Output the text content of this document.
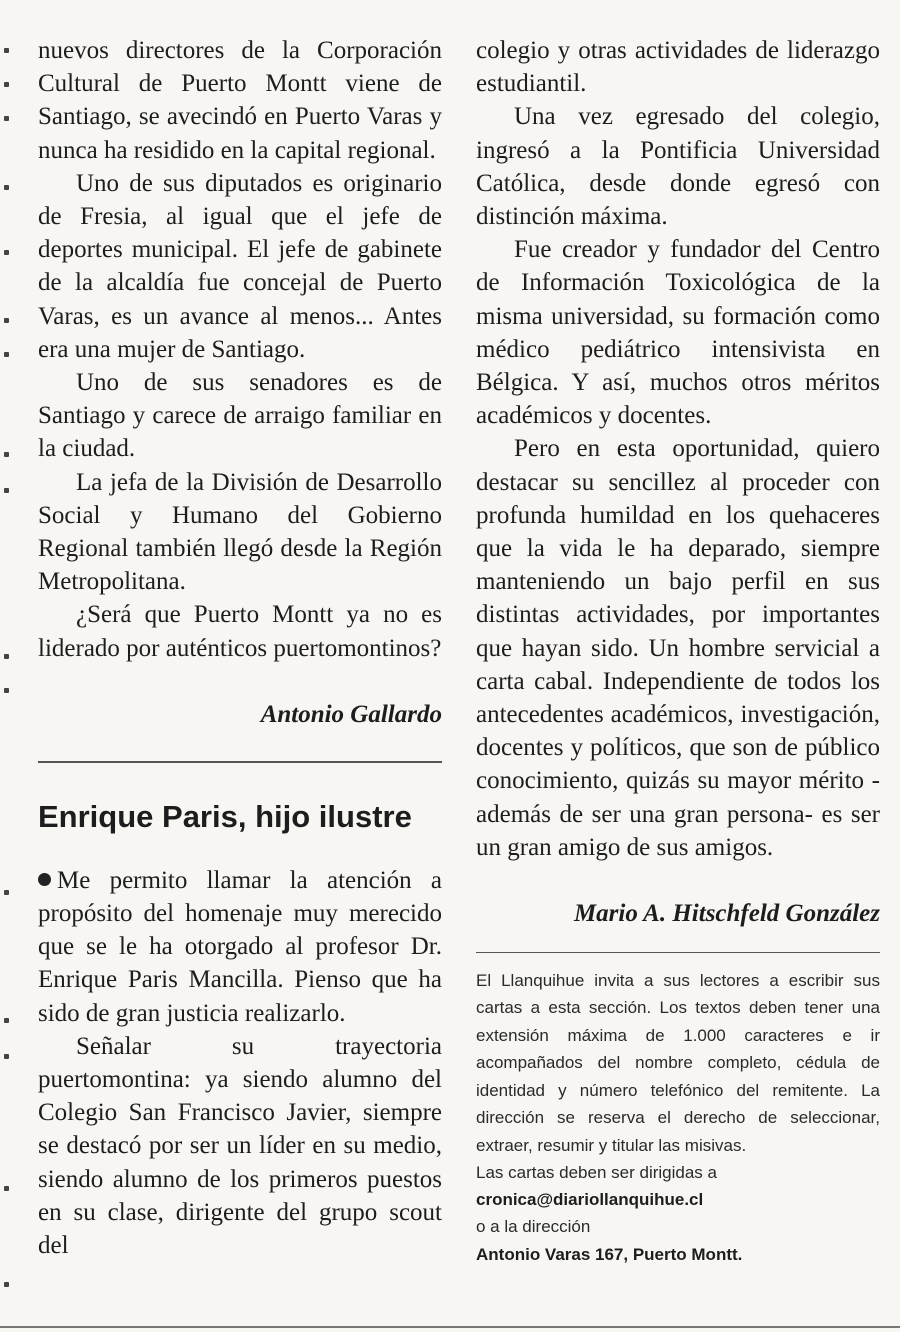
nuevos directores de la Corporación Cultural de Puerto Montt viene de Santiago, se avecindó en Puerto Varas y nunca ha residido en la capital regional.

Uno de sus diputados es originario de Fresia, al igual que el jefe de deportes municipal. El jefe de gabinete de la alcaldía fue concejal de Puerto Varas, es un avance al menos... Antes era una mujer de Santiago.

Uno de sus senadores es de Santiago y carece de arraigo familiar en la ciudad.

La jefa de la División de Desarrollo Social y Humano del Gobierno Regional también llegó desde la Región Metropolitana.

¿Será que Puerto Montt ya no es liderado por auténticos puertomontinos?

Antonio Gallardo

Enrique Paris, hijo ilustre

Me permito llamar la atención a propósito del homenaje muy merecido que se le ha otorgado al profesor Dr. Enrique Paris Mancilla. Pienso que ha sido de gran justicia realizarlo.

Señalar su trayectoria puertomontina: ya siendo alumno del Colegio San Francisco Javier, siempre se destacó por ser un líder en su medio, siendo alumno de los primeros puestos en su clase, dirigente del grupo scout del

colegio y otras actividades de liderazgo estudiantil.

Una vez egresado del colegio, ingresó a la Pontificia Universidad Católica, desde donde egresó con distinción máxima.

Fue creador y fundador del Centro de Información Toxicológica de la misma universidad, su formación como médico pediátrico intensivista en Bélgica. Y así, muchos otros méritos académicos y docentes.

Pero en esta oportunidad, quiero destacar su sencillez al proceder con profunda humildad en los quehaceres que la vida le ha deparado, siempre manteniendo un bajo perfil en sus distintas actividades, por importantes que hayan sido. Un hombre servicial a carta cabal. Independiente de todos los antecedentes académicos, investigación, docentes y políticos, que son de público conocimiento, quizás su mayor mérito -además de ser una gran persona- es ser un gran amigo de sus amigos.

Mario A. Hitschfeld González

El Llanquihue invita a sus lectores a escribir sus cartas a esta sección. Los textos deben tener una extensión máxima de 1.000 caracteres e ir acompañados del nombre completo, cédula de identidad y número telefónico del remitente. La dirección se reserva el derecho de seleccionar, extraer, resumir y titular las misivas.

Las cartas deben ser dirigidas a

cronica@diariollanquihue.cl

o a la dirección

Antonio Varas 167, Puerto Montt.
